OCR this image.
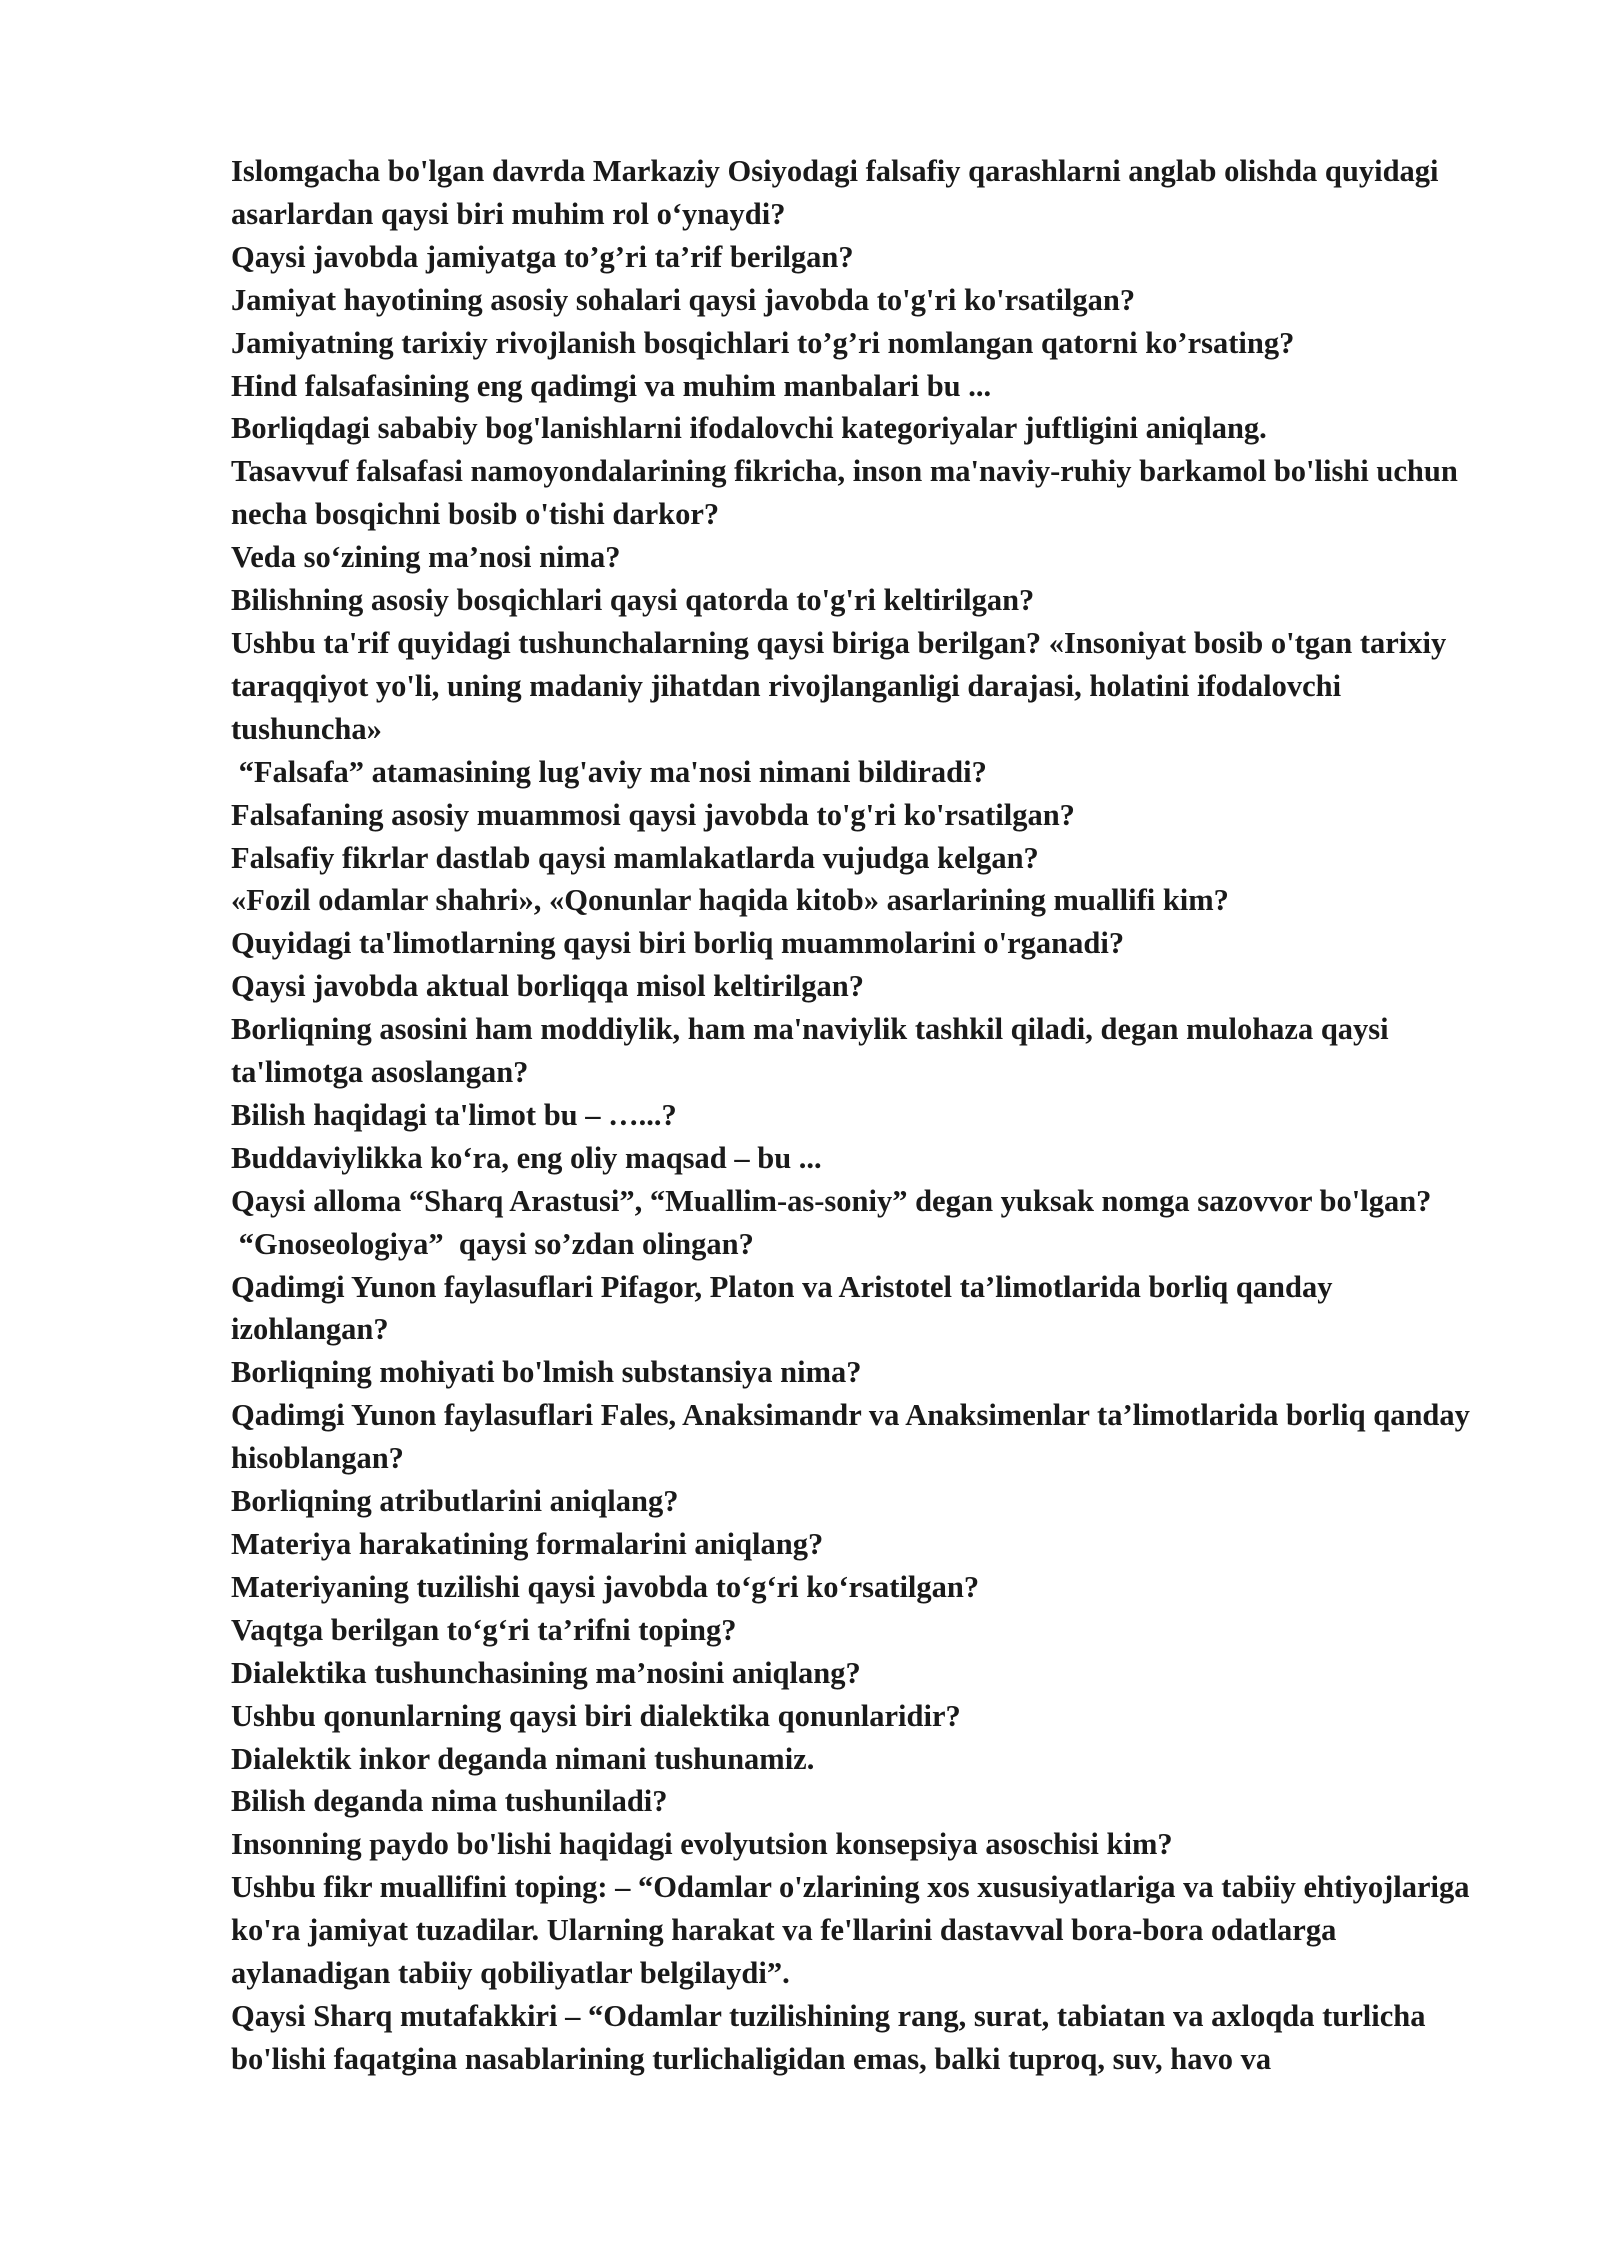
Islomgacha bo'lgan davrda Markaziy Osiyodagi falsafiy qarashlarni anglab olishda quyidagi asarlardan qaysi biri muhim rol o‘ynaydi?
Qaysi javobda jamiyatga to’g’ri ta’rif berilgan?
Jamiyat hayotining asosiy sohalari qaysi javobda to'g'ri ko'rsatilgan?
Jamiyatning tarixiy rivojlanish bosqichlari to’g’ri nomlangan qatorni ko’rsating?
Hind falsafasining eng qadimgi va muhim manbalari bu ...
Borliqdagi sababiy bog'lanishlarni ifodalovchi kategoriyalar juftligini aniqlang.
Tasavvuf falsafasi namoyondalarining fikricha, inson ma'naviy-ruhiy barkamol bo'lishi uchun necha bosqichni bosib o'tishi darkor?
Veda so‘zining ma’nosi nima?
Bilishning asosiy bosqichlari qaysi qatorda to'g'ri keltirilgan?
Ushbu ta'rif quyidagi tushunchalarning qaysi biriga berilgan? «Insoniyat bosib o'tgan tarixiy taraqqiyot yo'li, uning madaniy jihatdan rivojlanganligi darajasi, holatini ifodalovchi tushuncha»
“Falsafa” atamasining lug'aviy ma'nosi nimani bildiradi?
Falsafaning asosiy muammosi qaysi javobda to'g'ri ko'rsatilgan?
Falsafiy fikrlar dastlab qaysi mamlakatlarda vujudga kelgan?
«Fozil odamlar shahri», «Qonunlar haqida kitob» asarlarining muallifi kim?
Quyidagi ta'limotlarning qaysi biri borliq muammolarini o'rganadi?
Qaysi javobda aktual borliqqa misol keltirilgan?
Borliqning asosini ham moddiylik, ham ma'naviylik tashkil qiladi, degan mulohaza qaysi ta'limotga asoslangan?
Bilish haqidagi ta'limot bu – …...?
Buddaviylikka ko‘ra, eng oliy maqsad – bu ...
Qaysi alloma “Sharq Arastusi”, “Muallim-as-soniy” degan yuksak nomga sazovvor bo'lgan?
“Gnoseologiya”  qaysi so’zdan olingan?
Qadimgi Yunon faylasuflari Pifagor, Platon va Aristotel ta’limotlarida borliq qanday izohlangan?
Borliqning mohiyati bo'lmish substansiya nima?
Qadimgi Yunon faylasuflari Fales, Anaksimandr va Anaksimenlar ta’limotlarida borliq qanday hisoblangan?
Borliqning atributlarini aniqlang?
Materiya harakatining formalarini aniqlang?
Materiyaning tuzilishi qaysi javobda to‘g‘ri ko‘rsatilgan?
Vaqtga berilgan to‘g‘ri ta’rifni toping?
Dialektika tushunchasining ma’nosini aniqlang?
Ushbu qonunlarning qaysi biri dialektika qonunlaridir?
Dialektik inkor deganda nimani tushunamiz.
Bilish deganda nima tushuniladi?
Insonning paydo bo'lishi haqidagi evolyutsion konsepsiya asoschisi kim?
Ushbu fikr muallifini toping: – “Odamlar o'zlarining xos xususiyatlariga va tabiiy ehtiyojlariga ko'ra jamiyat tuzadilar. Ularning harakat va fe'llarini dastavval bora-bora odatlarga aylanadigan tabiiy qobiliyatlar belgilaydi”.
Qaysi Sharq mutafakkiri – “Odamlar tuzilishining rang, surat, tabiatan va axloqda turlicha bo'lishi faqatgina nasablarining turlichaligidan emas, balki tuproq, suv, havo va
